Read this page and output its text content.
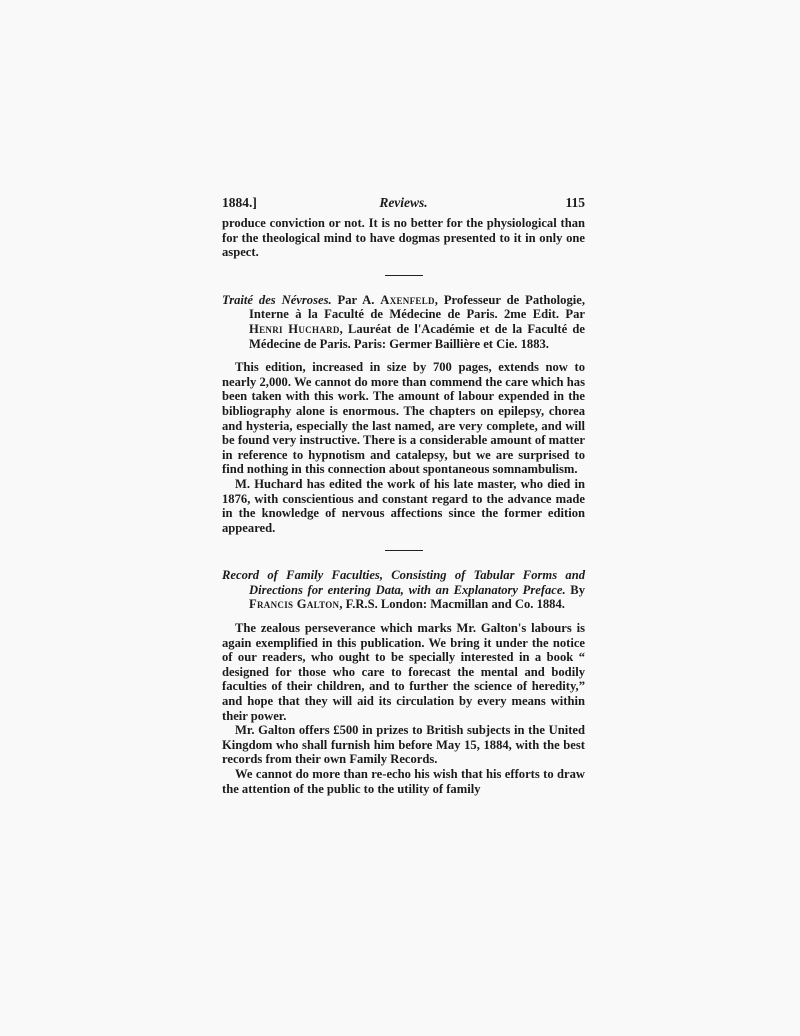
1884.]	Reviews.	115

produce conviction or not. It is no better for the physiological than for the theological mind to have dogmas presented to it in only one aspect.

Traité des Névroses. Par A. Axenfeld, Professeur de Pathologie, Interne à la Faculté de Médecine de Paris. 2me Edit. Par Henri Huchard, Lauréat de l'Académie et de la Faculté de Médecine de Paris. Paris: Germer Baillière et Cie. 1883.

This edition, increased in size by 700 pages, extends now to nearly 2,000. We cannot do more than commend the care which has been taken with this work. The amount of labour expended in the bibliography alone is enormous. The chapters on epilepsy, chorea and hysteria, especially the last named, are very complete, and will be found very instructive. There is a considerable amount of matter in reference to hypnotism and catalepsy, but we are surprised to find nothing in this connection about spontaneous somnambulism.

M. Huchard has edited the work of his late master, who died in 1876, with conscientious and constant regard to the advance made in the knowledge of nervous affections since the former edition appeared.

Record of Family Faculties, Consisting of Tabular Forms and Directions for entering Data, with an Explanatory Preface. By Francis Galton, F.R.S. London: Macmillan and Co. 1884.

The zealous perseverance which marks Mr. Galton's labours is again exemplified in this publication. We bring it under the notice of our readers, who ought to be specially interested in a book “ designed for those who care to forecast the mental and bodily faculties of their children, and to further the science of heredity,” and hope that they will aid its circulation by every means within their power.

Mr. Galton offers £500 in prizes to British subjects in the United Kingdom who shall furnish him before May 15, 1884, with the best records from their own Family Records.

We cannot do more than re-echo his wish that his efforts to draw the attention of the public to the utility of family
